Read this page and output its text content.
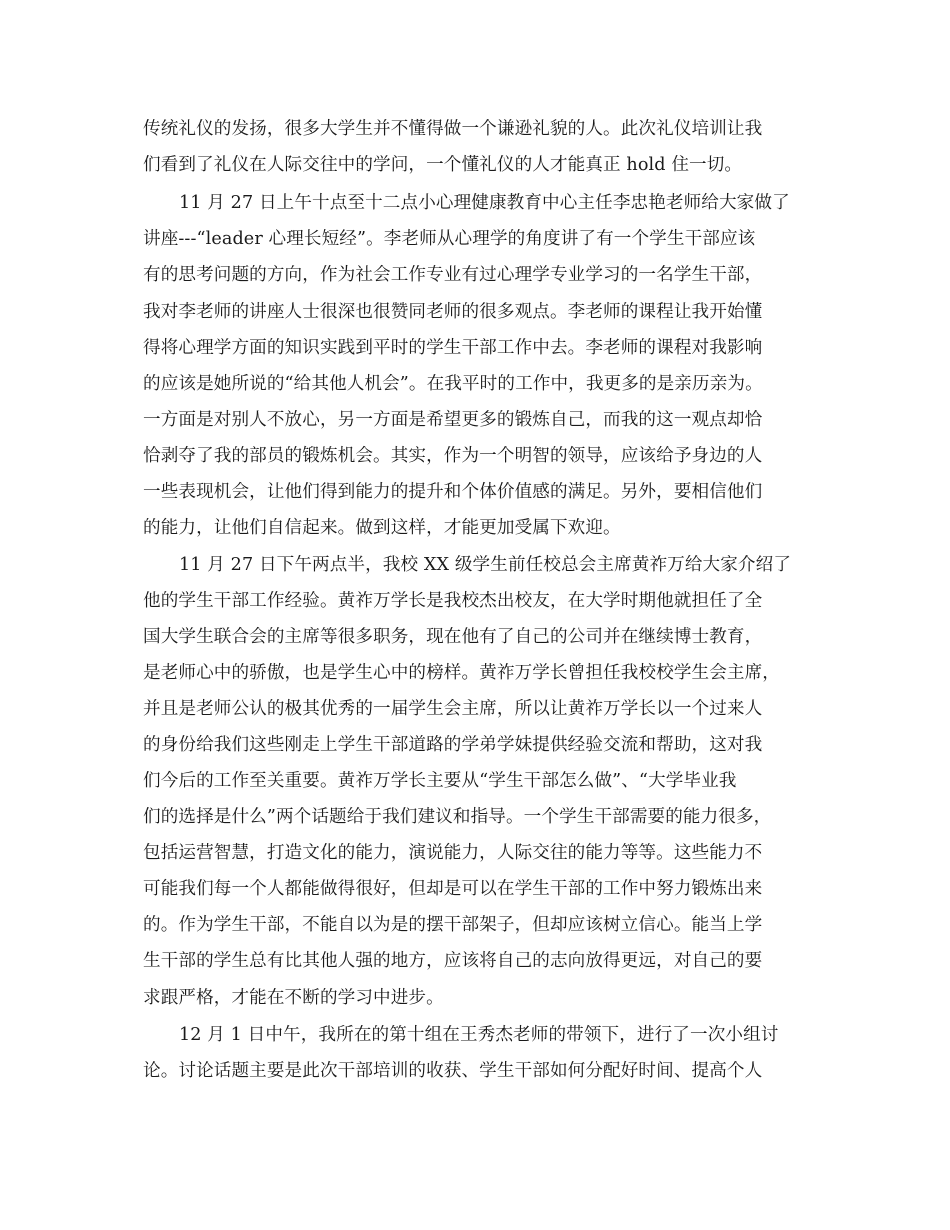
传统礼仪的发扬，很多大学生并不懂得做一个谦逊礼貌的人。此次礼仪培训让我
们看到了礼仪在人际交往中的学问，一个懂礼仪的人才能真正 hold 住一切。
11 月 27 日上午十点至十二点小心理健康教育中心主任李忠艳老师给大家做了
讲座---“leader 心理长短经”。李老师从心理学的角度讲了有一个学生干部应该
有的思考问题的方向，作为社会工作专业有过心理学专业学习的一名学生干部，
我对李老师的讲座人士很深也很赞同老师的很多观点。李老师的课程让我开始懂
得将心理学方面的知识实践到平时的学生干部工作中去。李老师的课程对我影响
的应该是她所说的“给其他人机会”。在我平时的工作中，我更多的是亲历亲为。
一方面是对别人不放心，另一方面是希望更多的锻炼自己，而我的这一观点却恰
恰剥夺了我的部员的锻炼机会。其实，作为一个明智的领导，应该给予身边的人
一些表现机会，让他们得到能力的提升和个体价值感的满足。另外，要相信他们
的能力，让他们自信起来。做到这样，才能更加受属下欢迎。
11 月 27 日下午两点半，我校 XX 级学生前任校总会主席黄祚万给大家介绍了
他的学生干部工作经验。黄祚万学长是我校杰出校友，在大学时期他就担任了全
国大学生联合会的主席等很多职务，现在他有了自己的公司并在继续博士教育，
是老师心中的骄傲，也是学生心中的榜样。黄祚万学长曾担任我校校学生会主席，
并且是老师公认的极其优秀的一届学生会主席，所以让黄祚万学长以一个过来人
的身份给我们这些刚走上学生干部道路的学弟学妹提供经验交流和帮助，这对我
们今后的工作至关重要。黄祚万学长主要从“学生干部怎么做”、“大学毕业我
们的选择是什么”两个话题给于我们建议和指导。一个学生干部需要的能力很多，
包括运营智慧，打造文化的能力，演说能力，人际交往的能力等等。这些能力不
可能我们每一个人都能做得很好，但却是可以在学生干部的工作中努力锻炼出来
的。作为学生干部，不能自以为是的摆干部架子，但却应该树立信心。能当上学
生干部的学生总有比其他人强的地方，应该将自己的志向放得更远，对自己的要
求跟严格，才能在不断的学习中进步。
12 月 1 日中午，我所在的第十组在王秀杰老师的带领下，进行了一次小组讨
论。讨论话题主要是此次干部培训的收获、学生干部如何分配好时间、提高个人
